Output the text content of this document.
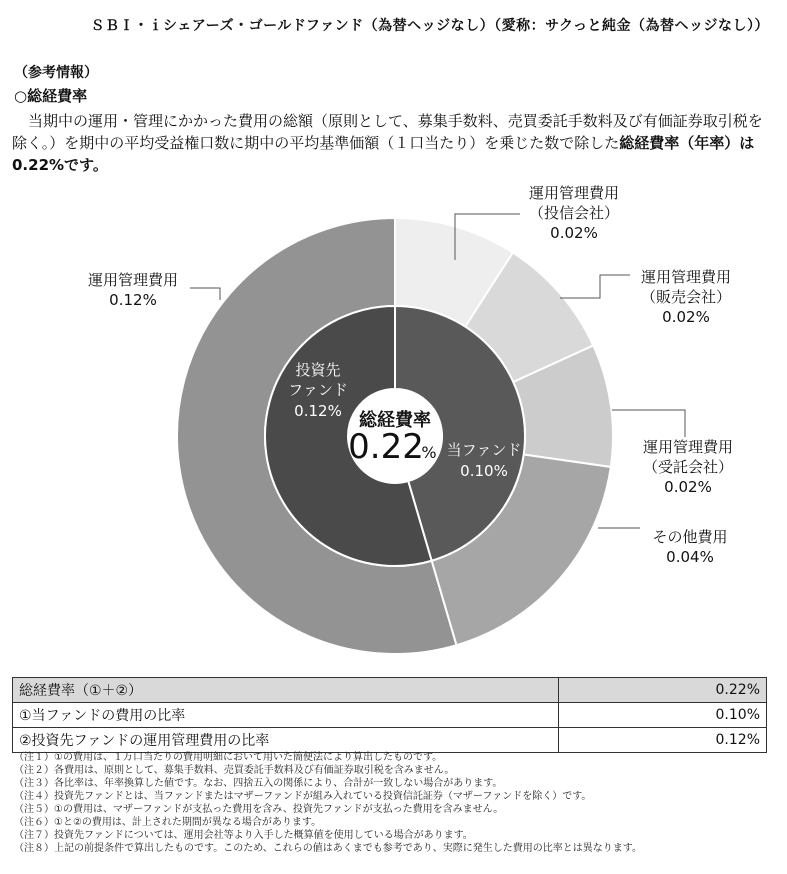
ＳＢＩ・ｉシェアーズ・ゴールドファンド（為替ヘッジなし）（愛称：サクっと純金（為替ヘッジなし））
（参考情報）
○総経費率
当期中の運用・管理にかかった費用の総額（原則として、募集手数料、売買委託手数料及び有価証券取引税を除く。）を期中の平均受益権口数に期中の平均基準価額（１口当たり）を乗じた数で除した総経費率（年率）は0.22%です。
運用管理費用
（投信会社）
0.02%
運用管理費用
（販売会社）
0.02%
運用管理費用
（受託会社）
0.02%
その他費用
0.04%
運用管理費用
0.12%
投資先
ファンド
0.12%
当ファンド
0.10%
総経費率
0.22
%
総経費率（①＋②）	0.22%
①当ファンドの費用の比率	0.10%
②投資先ファンドの運用管理費用の比率	0.12%
（注１）①の費用は、１万口当たりの費用明細において用いた簡便法により算出したものです。
（注２）各費用は、原則として、募集手数料、売買委託手数料及び有価証券取引税を含みません。
（注３）各比率は、年率換算した値です。なお、四捨五入の関係により、合計が一致しない場合があります。
（注４）投資先ファンドとは、当ファンドまたはマザーファンドが組み入れている投資信託証券（マザーファンドを除く）です。
（注５）①の費用は、マザーファンドが支払った費用を含み、投資先ファンドが支払った費用を含みません。
（注６）①と②の費用は、計上された期間が異なる場合があります。
（注７）投資先ファンドについては、運用会社等より入手した概算値を使用している場合があります。
（注８）上記の前提条件で算出したものです。このため、これらの値はあくまでも参考であり、実際に発生した費用の比率とは異なります。
